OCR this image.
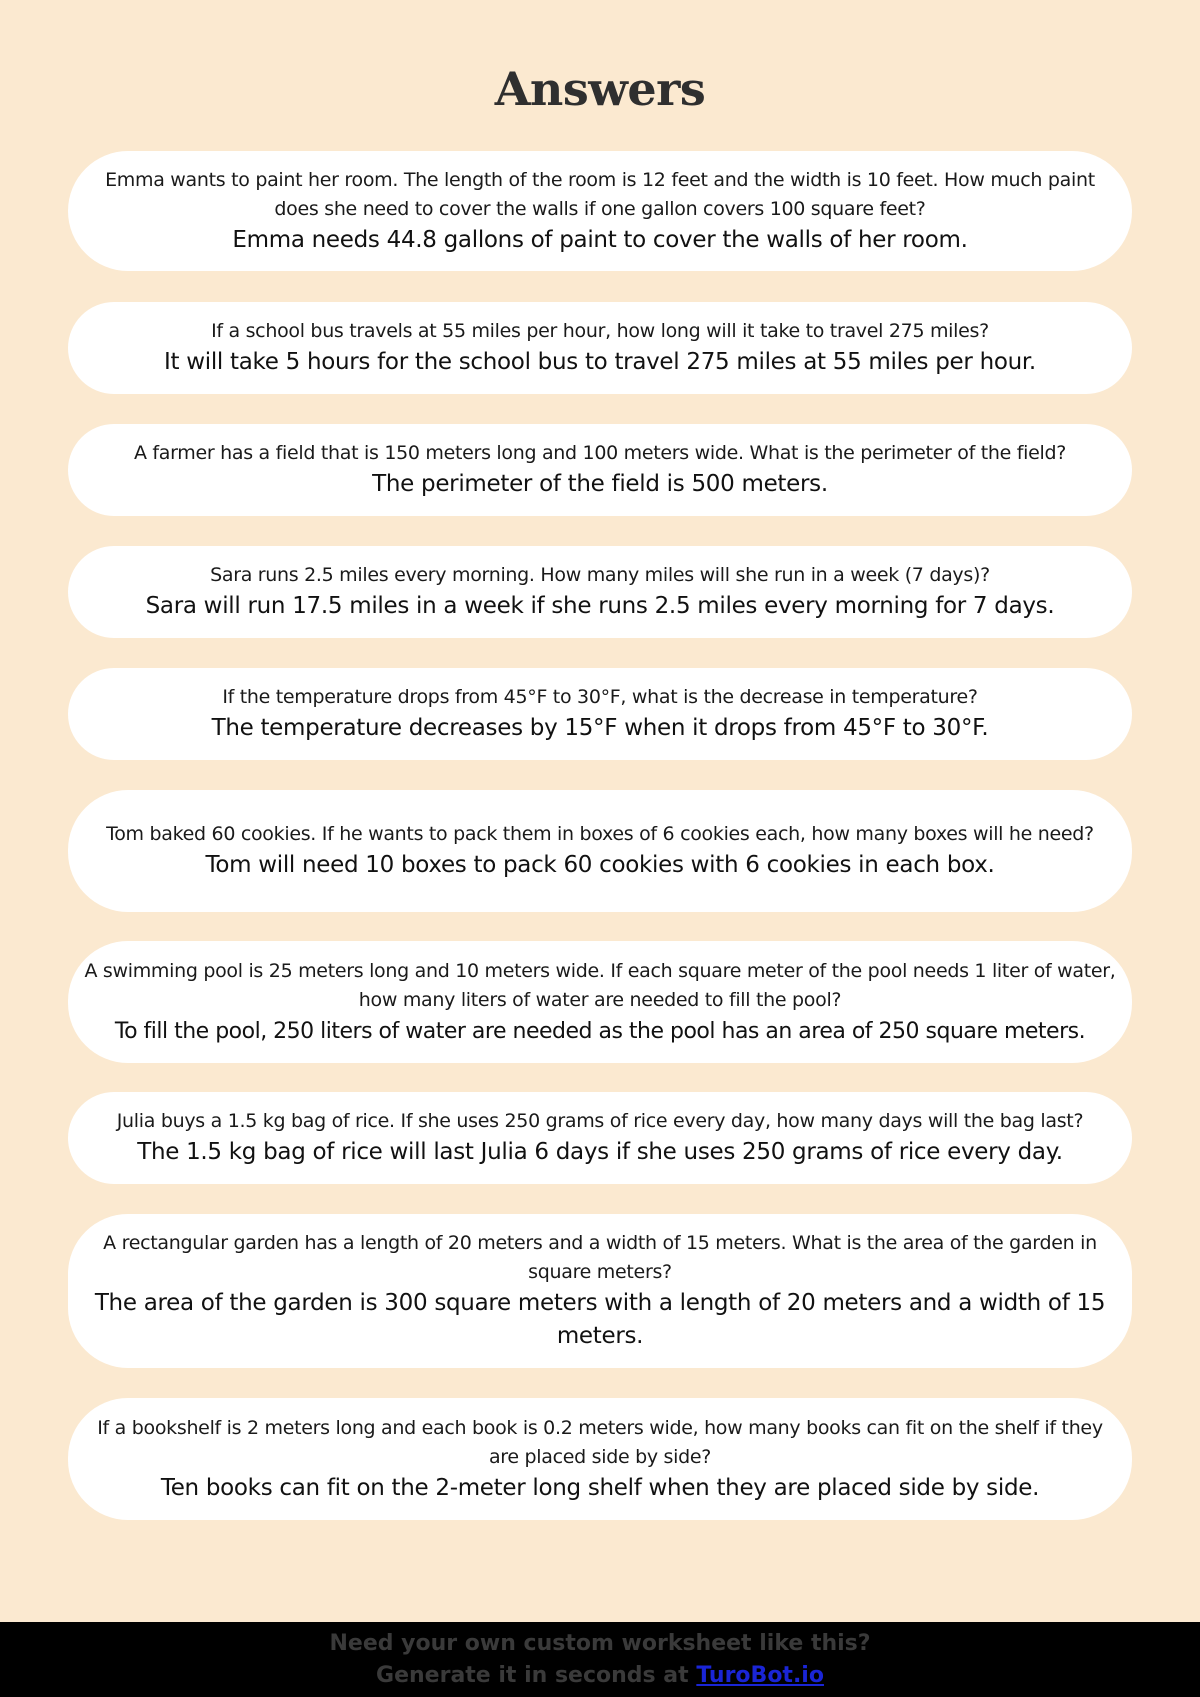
Answers
Emma wants to paint her room. The length of the room is 12 feet and the width is 10 feet. How much paint does she need to cover the walls if one gallon covers 100 square feet?
Emma needs 44.8 gallons of paint to cover the walls of her room.
If a school bus travels at 55 miles per hour, how long will it take to travel 275 miles?
It will take 5 hours for the school bus to travel 275 miles at 55 miles per hour.
A farmer has a field that is 150 meters long and 100 meters wide. What is the perimeter of the field?
The perimeter of the field is 500 meters.
Sara runs 2.5 miles every morning. How many miles will she run in a week (7 days)?
Sara will run 17.5 miles in a week if she runs 2.5 miles every morning for 7 days.
If the temperature drops from 45°F to 30°F, what is the decrease in temperature?
The temperature decreases by 15°F when it drops from 45°F to 30°F.
Tom baked 60 cookies. If he wants to pack them in boxes of 6 cookies each, how many boxes will he need?
Tom will need 10 boxes to pack 60 cookies with 6 cookies in each box.
A swimming pool is 25 meters long and 10 meters wide. If each square meter of the pool needs 1 liter of water, how many liters of water are needed to fill the pool?
To fill the pool, 250 liters of water are needed as the pool has an area of 250 square meters.
Julia buys a 1.5 kg bag of rice. If she uses 250 grams of rice every day, how many days will the bag last?
The 1.5 kg bag of rice will last Julia 6 days if she uses 250 grams of rice every day.
A rectangular garden has a length of 20 meters and a width of 15 meters. What is the area of the garden in square meters?
The area of the garden is 300 square meters with a length of 20 meters and a width of 15 meters.
If a bookshelf is 2 meters long and each book is 0.2 meters wide, how many books can fit on the shelf if they are placed side by side?
Ten books can fit on the 2-meter long shelf when they are placed side by side.
Need your own custom worksheet like this?
Generate it in seconds at TuroBot.io
